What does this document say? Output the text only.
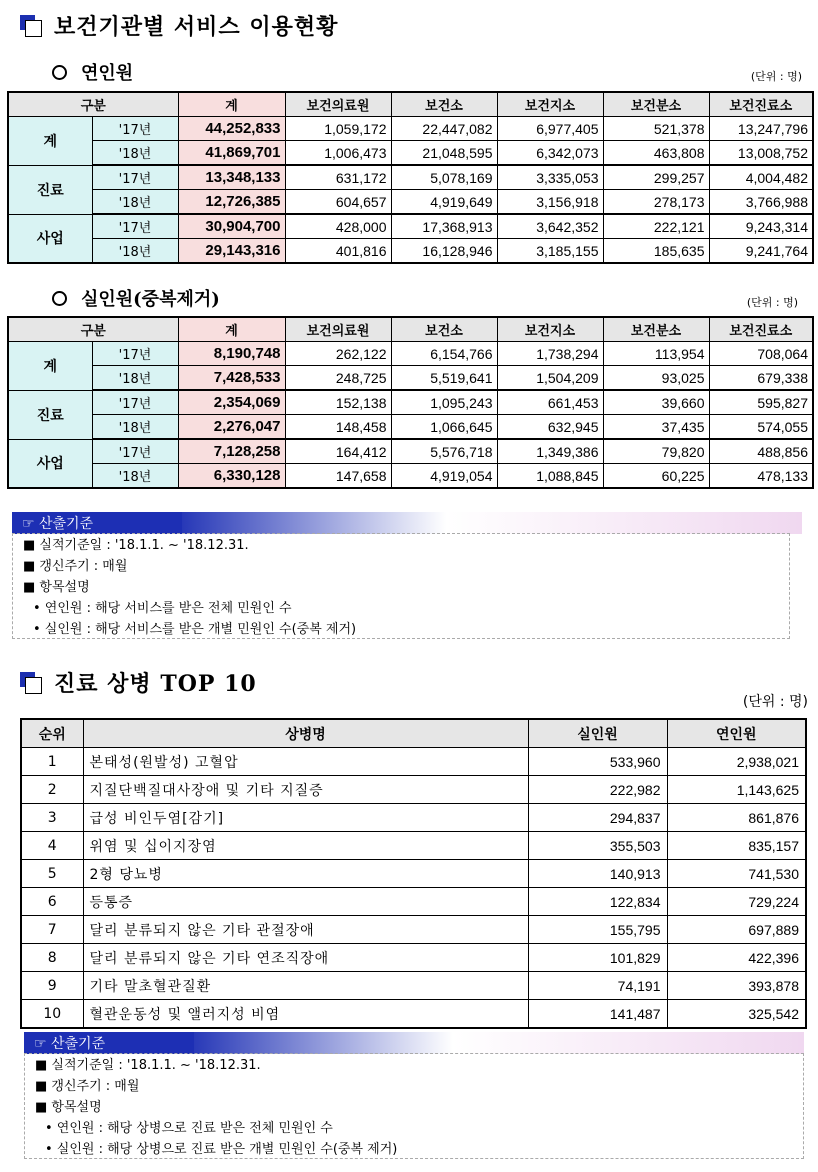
보건기관별 서비스 이용현황
연인원	(단위 : 명)
구분		계	보건의료원	보건소	보건지소	보건분소	보건진료소
계	'17년	44,252,833	1,059,172	22,447,082	6,977,405	521,378	13,247,796
	'18년	41,869,701	1,006,473	21,048,595	6,342,073	463,808	13,008,752
진료	'17년	13,348,133	631,172	5,078,169	3,335,053	299,257	4,004,482
	'18년	12,726,385	604,657	4,919,649	3,156,918	278,173	3,766,988
사업	'17년	30,904,700	428,000	17,368,913	3,642,352	222,121	9,243,314
	'18년	29,143,316	401,816	16,128,946	3,185,155	185,635	9,241,764
실인원(중복제거)	(단위 : 명)
구분		계	보건의료원	보건소	보건지소	보건분소	보건진료소
계	'17년	8,190,748	262,122	6,154,766	1,738,294	113,954	708,064
	'18년	7,428,533	248,725	5,519,641	1,504,209	93,025	679,338
진료	'17년	2,354,069	152,138	1,095,243	661,453	39,660	595,827
	'18년	2,276,047	148,458	1,066,645	632,945	37,435	574,055
사업	'17년	7,128,258	164,412	5,576,718	1,349,386	79,820	488,856
	'18년	6,330,128	147,658	4,919,054	1,088,845	60,225	478,133
☞ 산출기준
■ 실적기준일 : '18.1.1. ~ '18.12.31.
■ 갱신주기 : 매월
■ 항목설명
• 연인원 : 해당 서비스를 받은 전체 민원인 수
• 실인원 : 해당 서비스를 받은 개별 민원인 수(중복 제거)
진료 상병 TOP 10
(단위 : 명)
순위	상병명	실인원	연인원
1	본태성(원발성) 고혈압	533,960	2,938,021
2	지질단백질대사장애 및 기타 지질증	222,982	1,143,625
3	급성 비인두염[감기]	294,837	861,876
4	위염 및 십이지장염	355,503	835,157
5	2형 당뇨병	140,913	741,530
6	등통증	122,834	729,224
7	달리 분류되지 않은 기타 관절장애	155,795	697,889
8	달리 분류되지 않은 기타 연조직장애	101,829	422,396
9	기타 말초혈관질환	74,191	393,878
10	혈관운동성 및 앨러지성 비염	141,487	325,542
☞ 산출기준
■ 실적기준일 : '18.1.1. ~ '18.12.31.
■ 갱신주기 : 매월
■ 항목설명
• 연인원 : 해당 상병으로 진료 받은 전체 민원인 수
• 실인원 : 해당 상병으로 진료 받은 개별 민원인 수(중복 제거)
